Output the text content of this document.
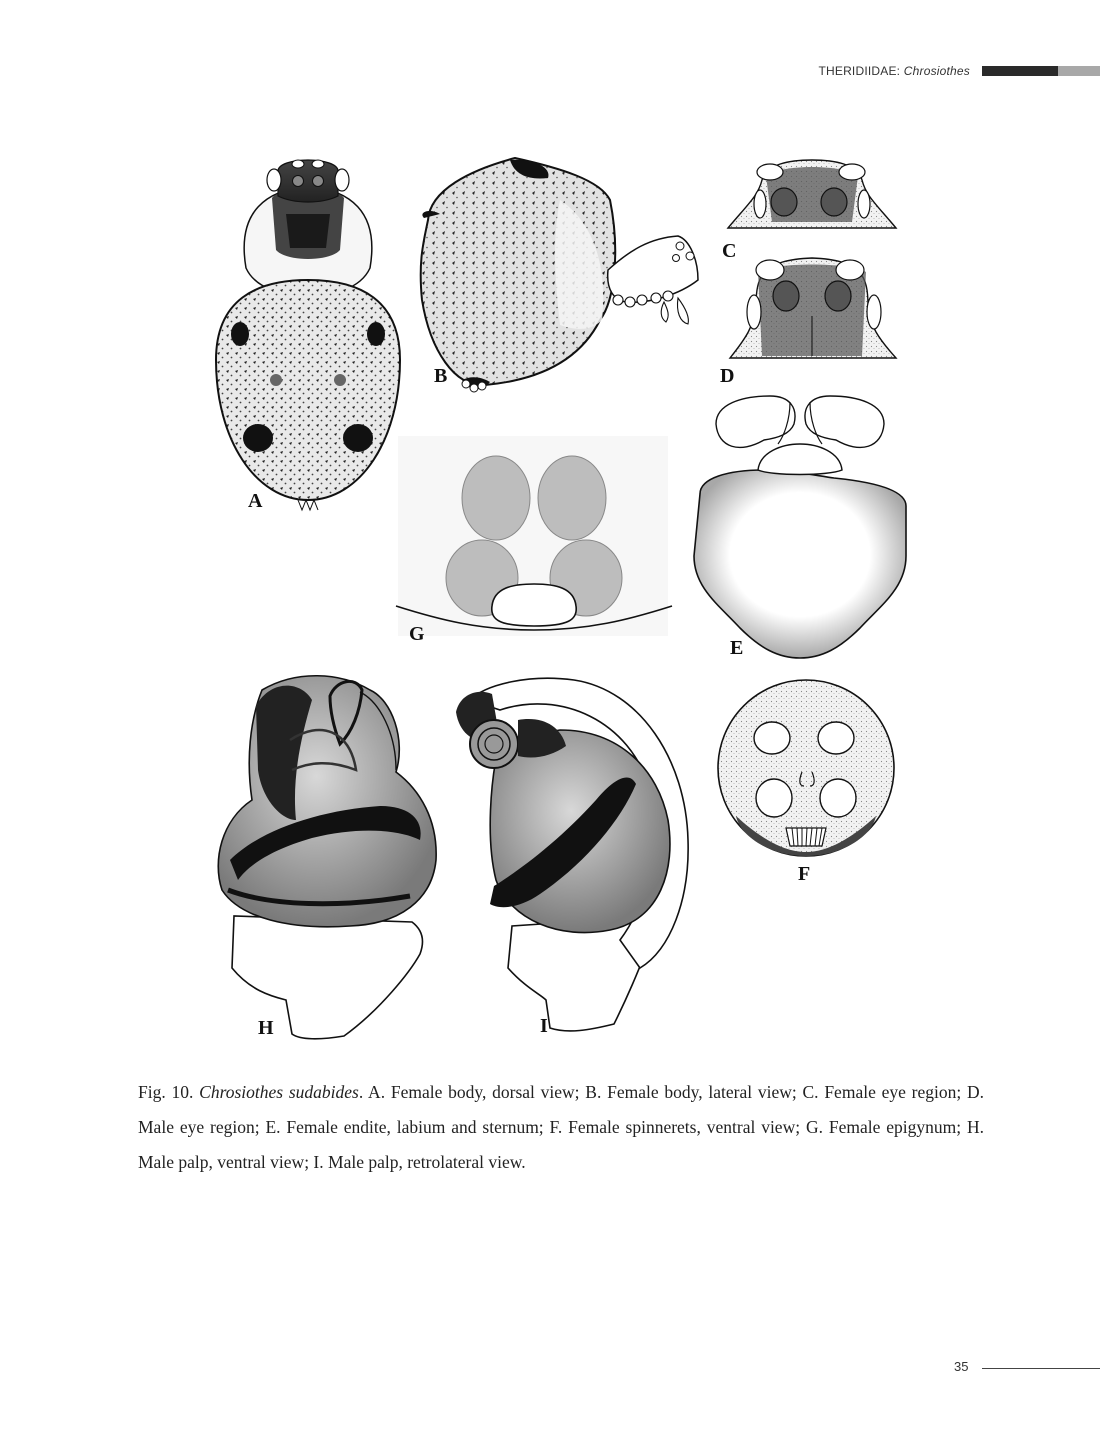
THERIDIIDAE: Chrosiothes
A
B
C
D
G
E
F
H	I
Fig. 10. Chrosiothes sudabides. A. Female body, dorsal view; B. Female body, lateral view; C. Female eye region; D. Male eye region; E. Female endite, labium and sternum; F. Female spinnerets, ventral view; G. Female epigynum; H. Male palp, ventral view; I. Male palp, retrolateral view.
35
